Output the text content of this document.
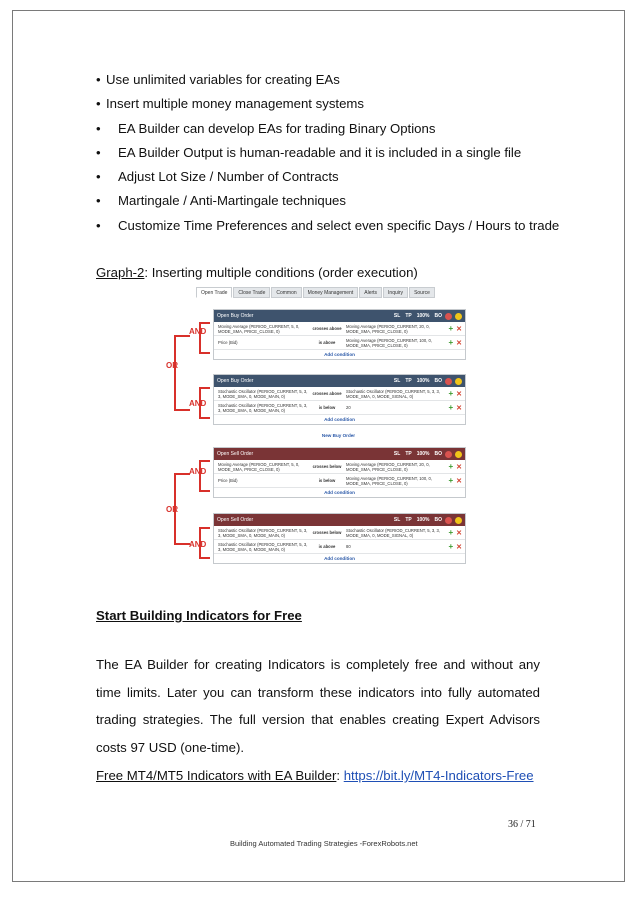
• Use unlimited variables for creating EAs
• Insert multiple money management systems
• EA Builder can develop EAs for trading Binary Options
• EA Builder Output is human-readable and it is included in a single file
• Adjust Lot Size / Number of Contracts
• Martingale / Anti-Martingale techniques
• Customize Time Preferences and select even specific Days / Hours to trade
Graph-2: Inserting multiple conditions (order execution)
Open Trade	Close Trade	Common	Money Management	Alerts	Inquiry	Source
Open Buy Order	SL TP 100% BO
Moving Average (PERIOD_CURRENT, 5, 0, MODE_SMA, PRICE_CLOSE, 0)	crosses above	Moving Average (PERIOD_CURRENT, 20, 0, MODE_SMA, PRICE_CLOSE, 0)	+ ✕
Price (Bid)	is above	Moving Average (PERIOD_CURRENT, 100, 0, MODE_SMA, PRICE_CLOSE, 0)	+ ✕
Add condition
Open Buy Order	SL TP 100% BO
Stochastic Oscillator (PERIOD_CURRENT, 5, 3, 3, MODE_SMA, 0, MODE_MAIN, 0)	crosses above	Stochastic Oscillator (PERIOD_CURRENT, 5, 3, 3, MODE_SMA, 0, MODE_SIGNAL, 0)	+ ✕
Stochastic Oscillator (PERIOD_CURRENT, 5, 3, 3, MODE_SMA, 0, MODE_MAIN, 0)	is below	20	+ ✕
Add condition
Open Sell Order	SL TP 100% BO
Moving Average (PERIOD_CURRENT, 5, 0, MODE_SMA, PRICE_CLOSE, 0)	crosses below	Moving Average (PERIOD_CURRENT, 20, 0, MODE_SMA, PRICE_CLOSE, 0)	+ ✕
Price (Bid)	is below	Moving Average (PERIOD_CURRENT, 100, 0, MODE_SMA, PRICE_CLOSE, 0)	+ ✕
Add condition
Open Sell Order	SL TP 100% BO
Stochastic Oscillator (PERIOD_CURRENT, 5, 3, 3, MODE_SMA, 0, MODE_MAIN, 0)	crosses below	Stochastic Oscillator (PERIOD_CURRENT, 5, 3, 3, MODE_SMA, 0, MODE_SIGNAL, 0)	+ ✕
Stochastic Oscillator (PERIOD_CURRENT, 5, 3, 3, MODE_SMA, 0, MODE_MAIN, 0)	is above	80	+ ✕
Add condition
New Buy Order
AND
AND
AND
AND
OR
OR
Start Building Indicators for Free

The EA Builder for creating Indicators is completely free and without any time limits. Later you can transform these indicators into fully automated trading strategies. The full version that enables creating Expert Advisors costs 97 USD (one-time).

Free MT4/MT5 Indicators with EA Builder: https://bit.ly/MT4-Indicators-Free
36 / 71
Building Automated Trading Strategies -ForexRobots.net
